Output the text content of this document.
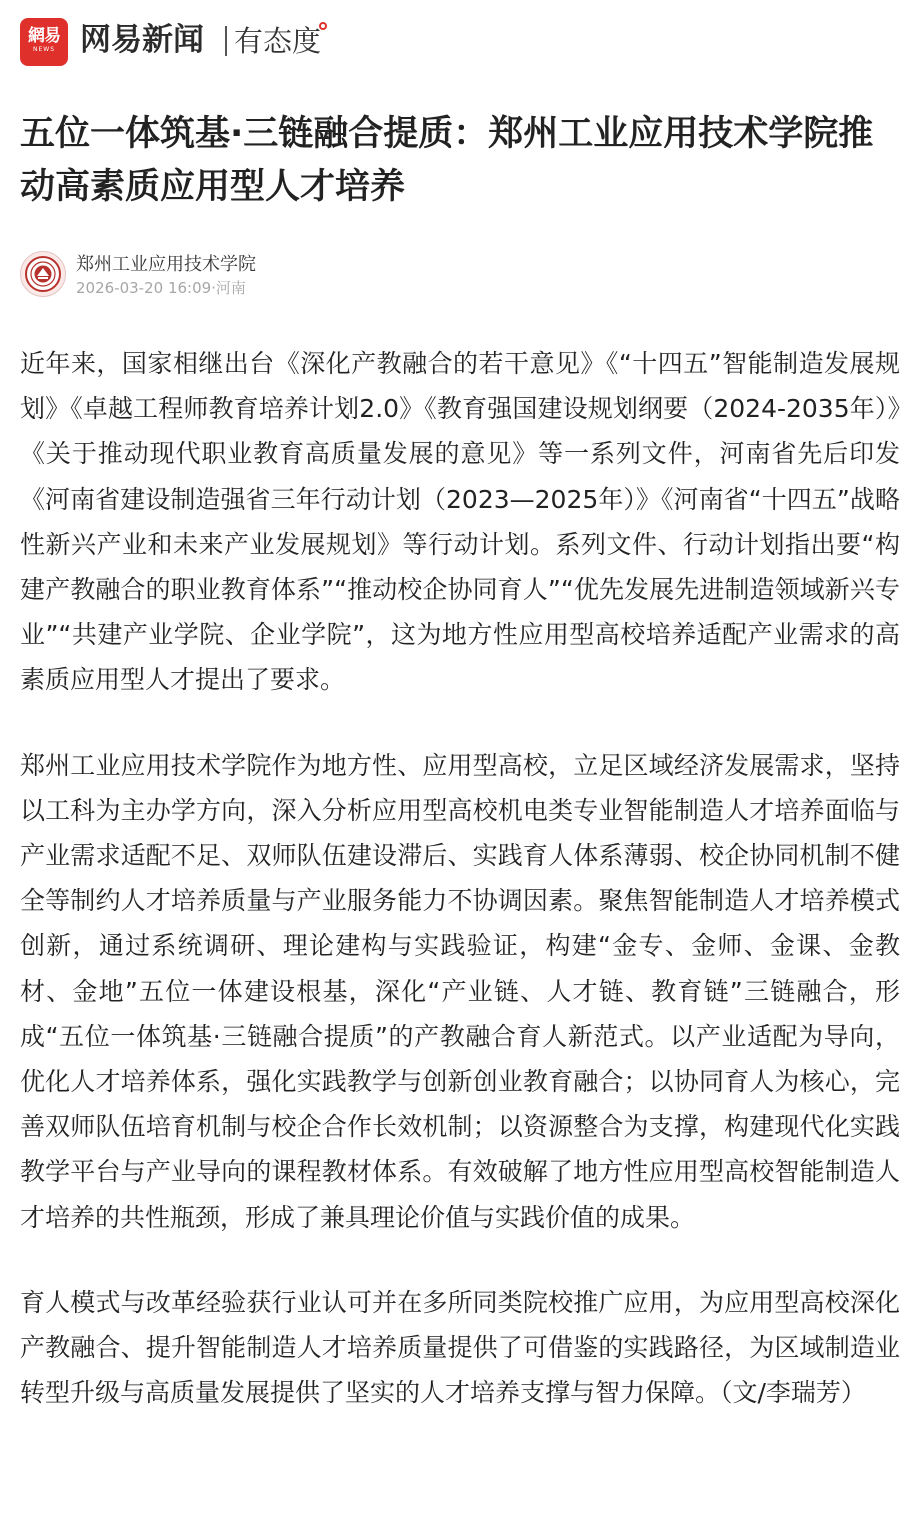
網易
NEWS 网易新闻 有态度
五位一体筑基·三链融合提质：郑州工业应用技术学院推动高素质应用型人才培养
郑州工业应用技术学院
2026-03-20 16:09·河南

近年来，国家相继出台《深化产教融合的若干意见》《“十四五”智能制造发展规划》《卓越工程师教育培养计划2.0》《教育强国建设规划纲要（2024-2035年）》《关于推动现代职业教育高质量发展的意见》等一系列文件，河南省先后印发《河南省建设制造强省三年行动计划（2023—2025年）》《河南省“十四五”战略性新兴产业和未来产业发展规划》等行动计划。系列文件、行动计划指出要“构建产教融合的职业教育体系”“推动校企协同育人”“优先发展先进制造领域新兴专业”“共建产业学院、企业学院”，这为地方性应用型高校培养适配产业需求的高素质应用型人才提出了要求。

郑州工业应用技术学院作为地方性、应用型高校，立足区域经济发展需求，坚持以工科为主办学方向，深入分析应用型高校机电类专业智能制造人才培养面临与产业需求适配不足、双师队伍建设滞后、实践育人体系薄弱、校企协同机制不健全等制约人才培养质量与产业服务能力不协调因素。聚焦智能制造人才培养模式创新，通过系统调研、理论建构与实践验证，构建“金专、金师、金课、金教材、金地”五位一体建设根基，深化“产业链、人才链、教育链”三链融合，形成“五位一体筑基·三链融合提质”的产教融合育人新范式。以产业适配为导向，优化人才培养体系，强化实践教学与创新创业教育融合；以协同育人为核心，完善双师队伍培育机制与校企合作长效机制；以资源整合为支撑，构建现代化实践教学平台与产业导向的课程教材体系。有效破解了地方性应用型高校智能制造人才培养的共性瓶颈，形成了兼具理论价值与实践价值的成果。

育人模式与改革经验获行业认可并在多所同类院校推广应用，为应用型高校深化产教融合、提升智能制造人才培养质量提供了可借鉴的实践路径，为区域制造业转型升级与高质量发展提供了坚实的人才培养支撑与智力保障。（文/李瑞芳）
